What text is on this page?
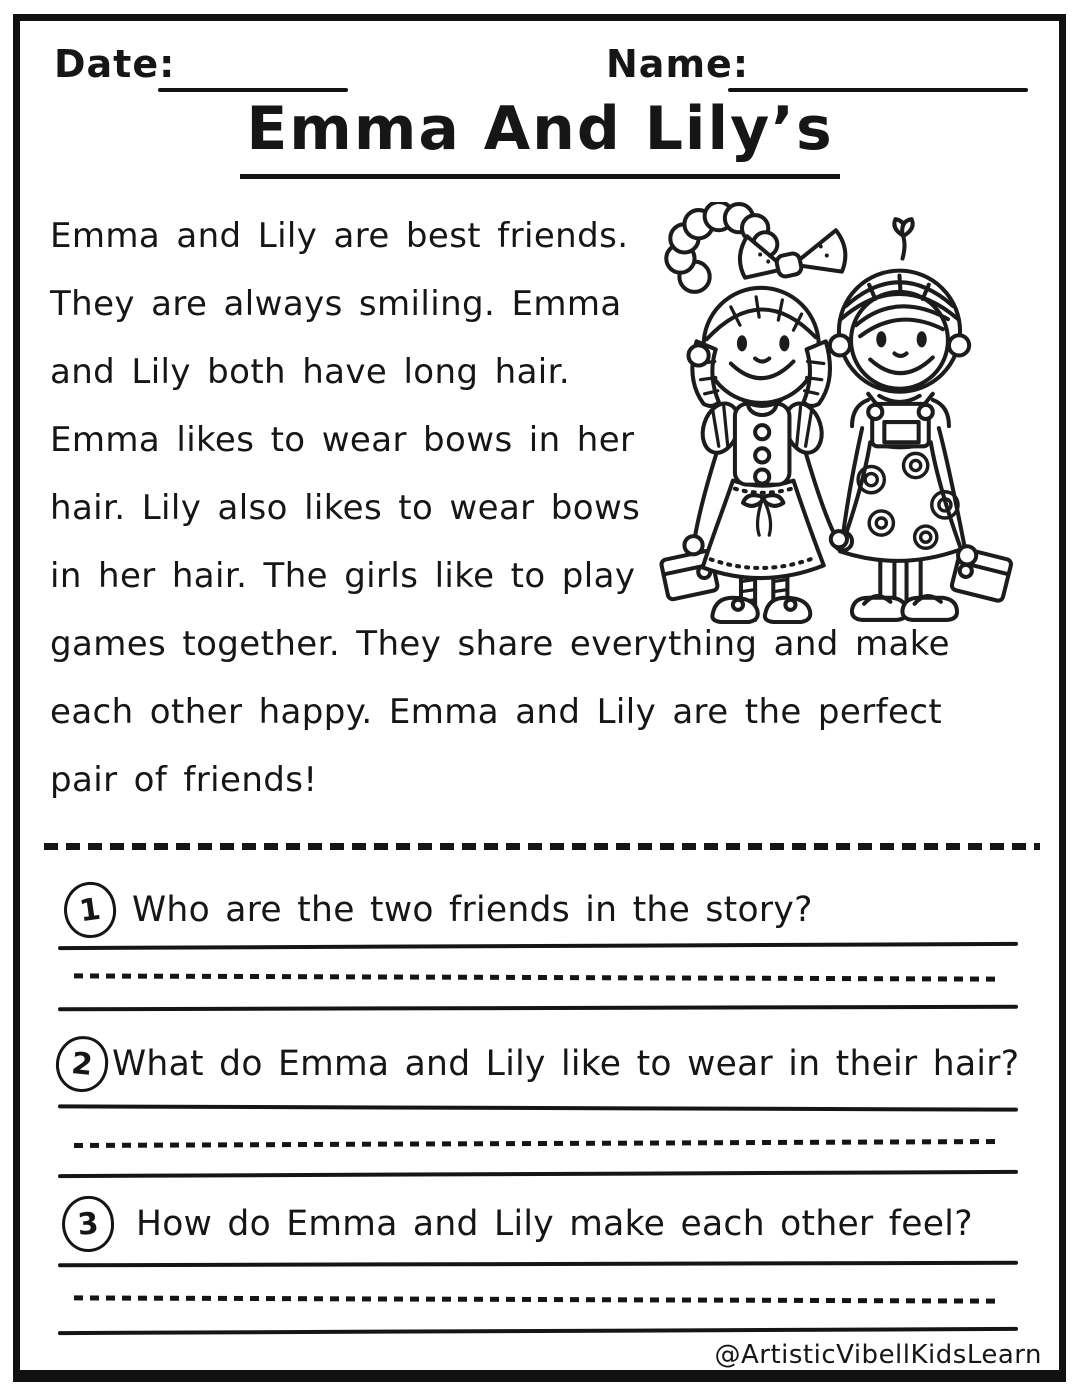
Date:	Name:
Emma And Lily’s
Emma and Lily are best friends.
They are always smiling. Emma
and Lily both have long hair.
Emma likes to wear bows in her
hair. Lily also likes to wear bows
in her hair. The girls like to play
games together. They share everything and make
each other happy. Emma and Lily are the perfect
pair of friends!
1 Who are the two friends in the story?
2 What do Emma and Lily like to wear in their hair?
3 How do Emma and Lily make each other feel?
@ArtisticVibellKidsLearn
